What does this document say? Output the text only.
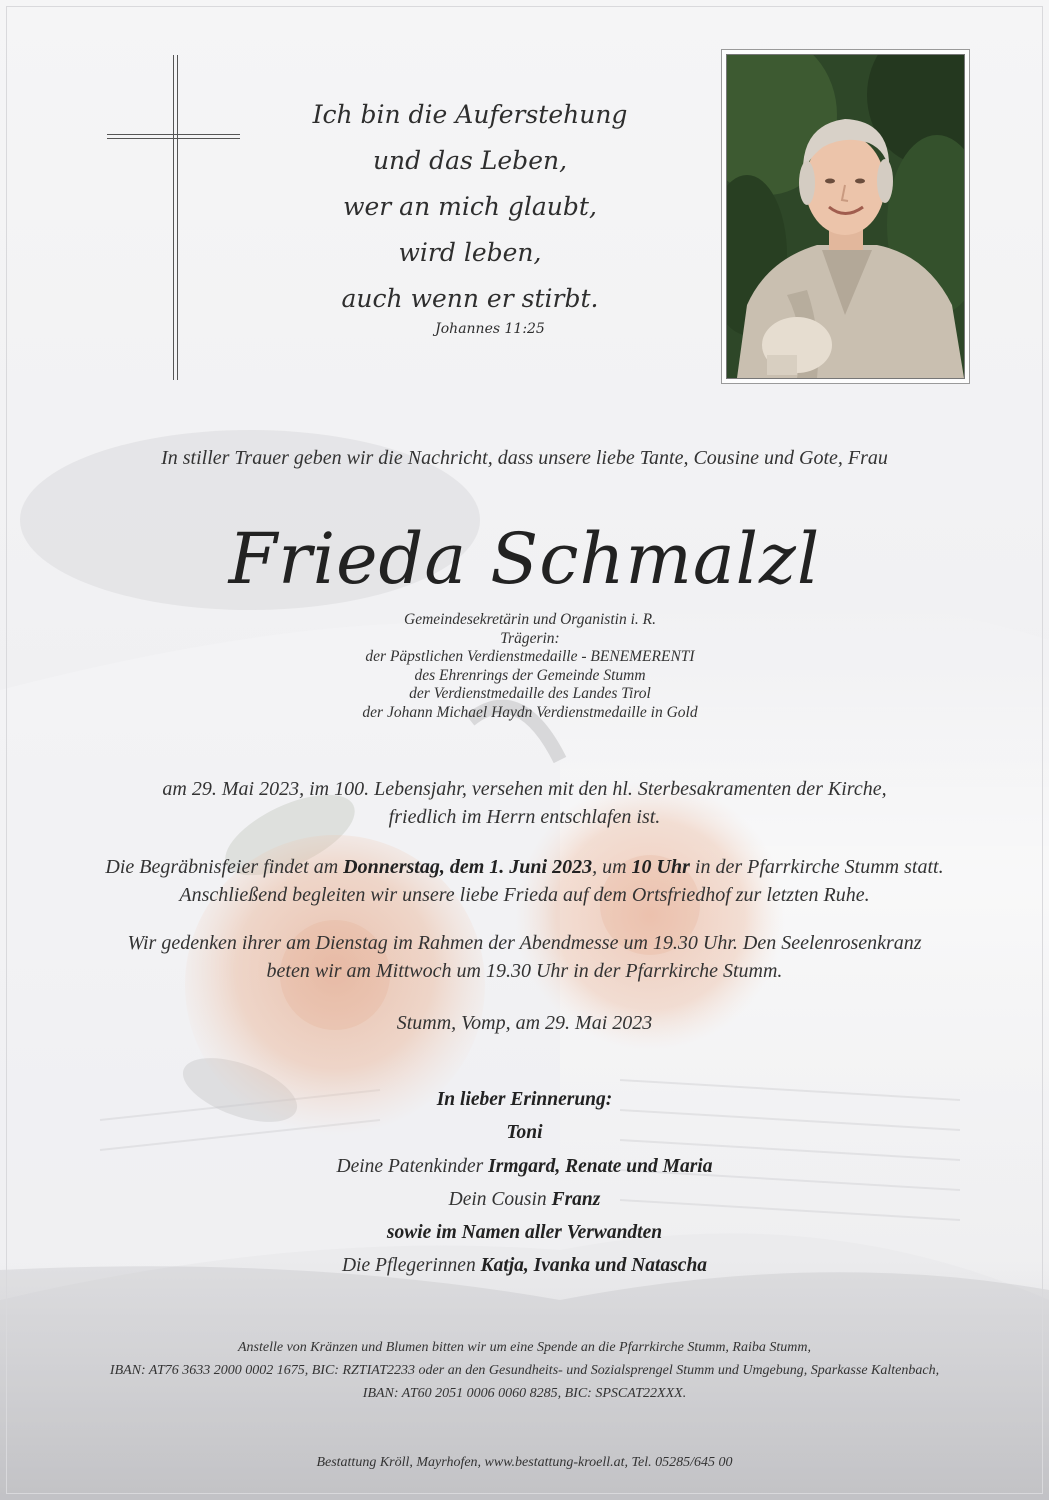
Ich bin die Auferstehung
und das Leben,
wer an mich glaubt,
wird leben,
auch wenn er stirbt.
Johannes 11:25
In stiller Trauer geben wir die Nachricht, dass unsere liebe Tante, Cousine und Gote, Frau
Frieda Schmalzl
Gemeindesekretärin und Organistin i. R.
Trägerin:
der Päpstlichen Verdienstmedaille - BENEMERENTI
des Ehrenrings der Gemeinde Stumm
der Verdienstmedaille des Landes Tirol
der Johann Michael Haydn Verdienstmedaille in Gold
am 29. Mai 2023, im 100. Lebensjahr, versehen mit den hl. Sterbesakramenten der Kirche,
friedlich im Herrn entschlafen ist.
Die Begräbnisfeier findet am Donnerstag, dem 1. Juni 2023, um 10 Uhr in der Pfarrkirche Stumm statt.
Anschließend begleiten wir unsere liebe Frieda auf dem Ortsfriedhof zur letzten Ruhe.
Wir gedenken ihrer am Dienstag im Rahmen der Abendmesse um 19.30 Uhr. Den Seelenrosenkranz
beten wir am Mittwoch um 19.30 Uhr in der Pfarrkirche Stumm.
Stumm, Vomp, am 29. Mai 2023
In lieber Erinnerung:
Toni
Deine Patenkinder Irmgard, Renate und Maria
Dein Cousin Franz
sowie im Namen aller Verwandten
Die Pflegerinnen Katja, Ivanka und Natascha
Anstelle von Kränzen und Blumen bitten wir um eine Spende an die Pfarrkirche Stumm, Raiba Stumm,
IBAN: AT76 3633 2000 0002 1675, BIC: RZTIAT2233 oder an den Gesundheits- und Sozialsprengel Stumm und Umgebung, Sparkasse Kaltenbach,
IBAN: AT60 2051 0006 0060 8285, BIC: SPSCAT22XXX.
Bestattung Kröll, Mayrhofen, www.bestattung-kroell.at, Tel. 05285/645 00
